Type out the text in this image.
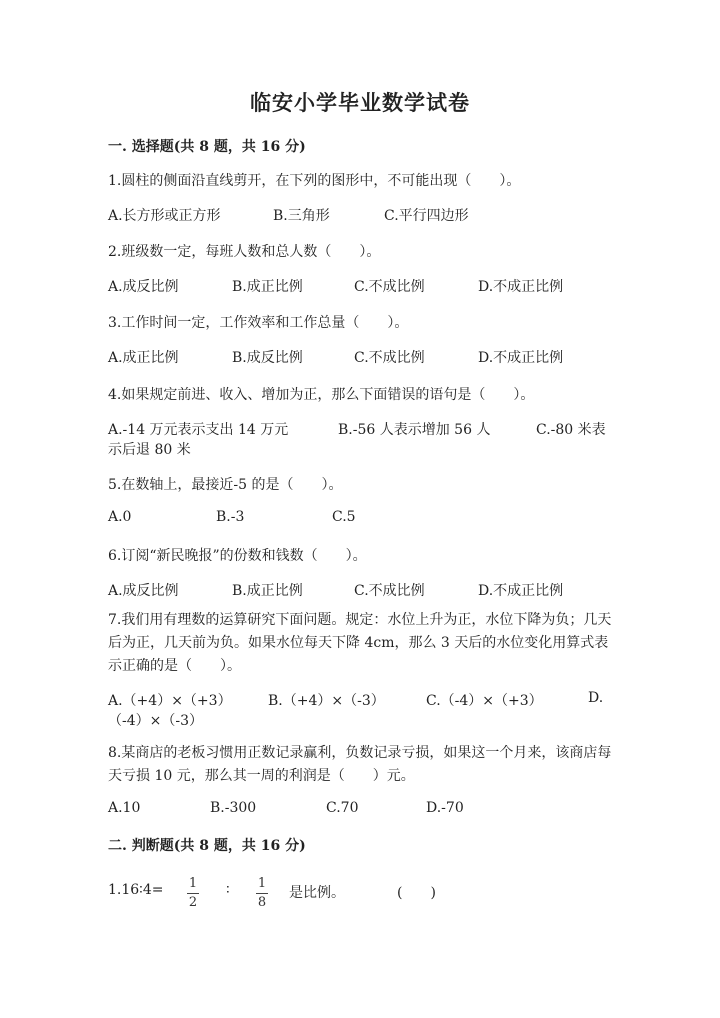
临安小学毕业数学试卷
一. 选择题(共 8 题，共 16 分)
1.圆柱的侧面沿直线剪开，在下列的图形中，不可能出现（　　）。
A.长方形或正方形	B.三角形	C.平行四边形
2.班级数一定，每班人数和总人数（　　）。
A.成反比例	B.成正比例	C.不成比例	D.不成正比例
3.工作时间一定，工作效率和工作总量（　　）。
A.成正比例	B.成反比例	C.不成比例	D.不成正比例
4.如果规定前进、收入、增加为正，那么下面错误的语句是（　　）。
A.-14 万元表示支出 14 万元	B.-56 人表示增加 56 人	C.-80 米表
示后退 80 米
5.在数轴上，最接近-5 的是（　　）。
A.0	B.-3	C.5
6.订阅“新民晚报”的份数和钱数（　　）。
A.成反比例	B.成正比例	C.不成比例	D.不成正比例
7.我们用有理数的运算研究下面问题。规定：水位上升为正，水位下降为负；几天后为正，几天前为负。如果水位每天下降 4cm，那么 3 天后的水位变化用算式表示正确的是（　　）。
A.（+4）×（+3）	B.（+4）×（-3）	C.（-4）×（+3）	D.
（-4）×（-3）
8.某商店的老板习惯用正数记录赢利，负数记录亏损，如果这一个月来，该商店每天亏损 10 元，那么其一周的利润是（　　）元。
A.10	B.-300	C.70	D.-70
二. 判断题(共 8 题，共 16 分)
1.16∶4= 1
2
∶ 1
8
是比例。	(　　)
